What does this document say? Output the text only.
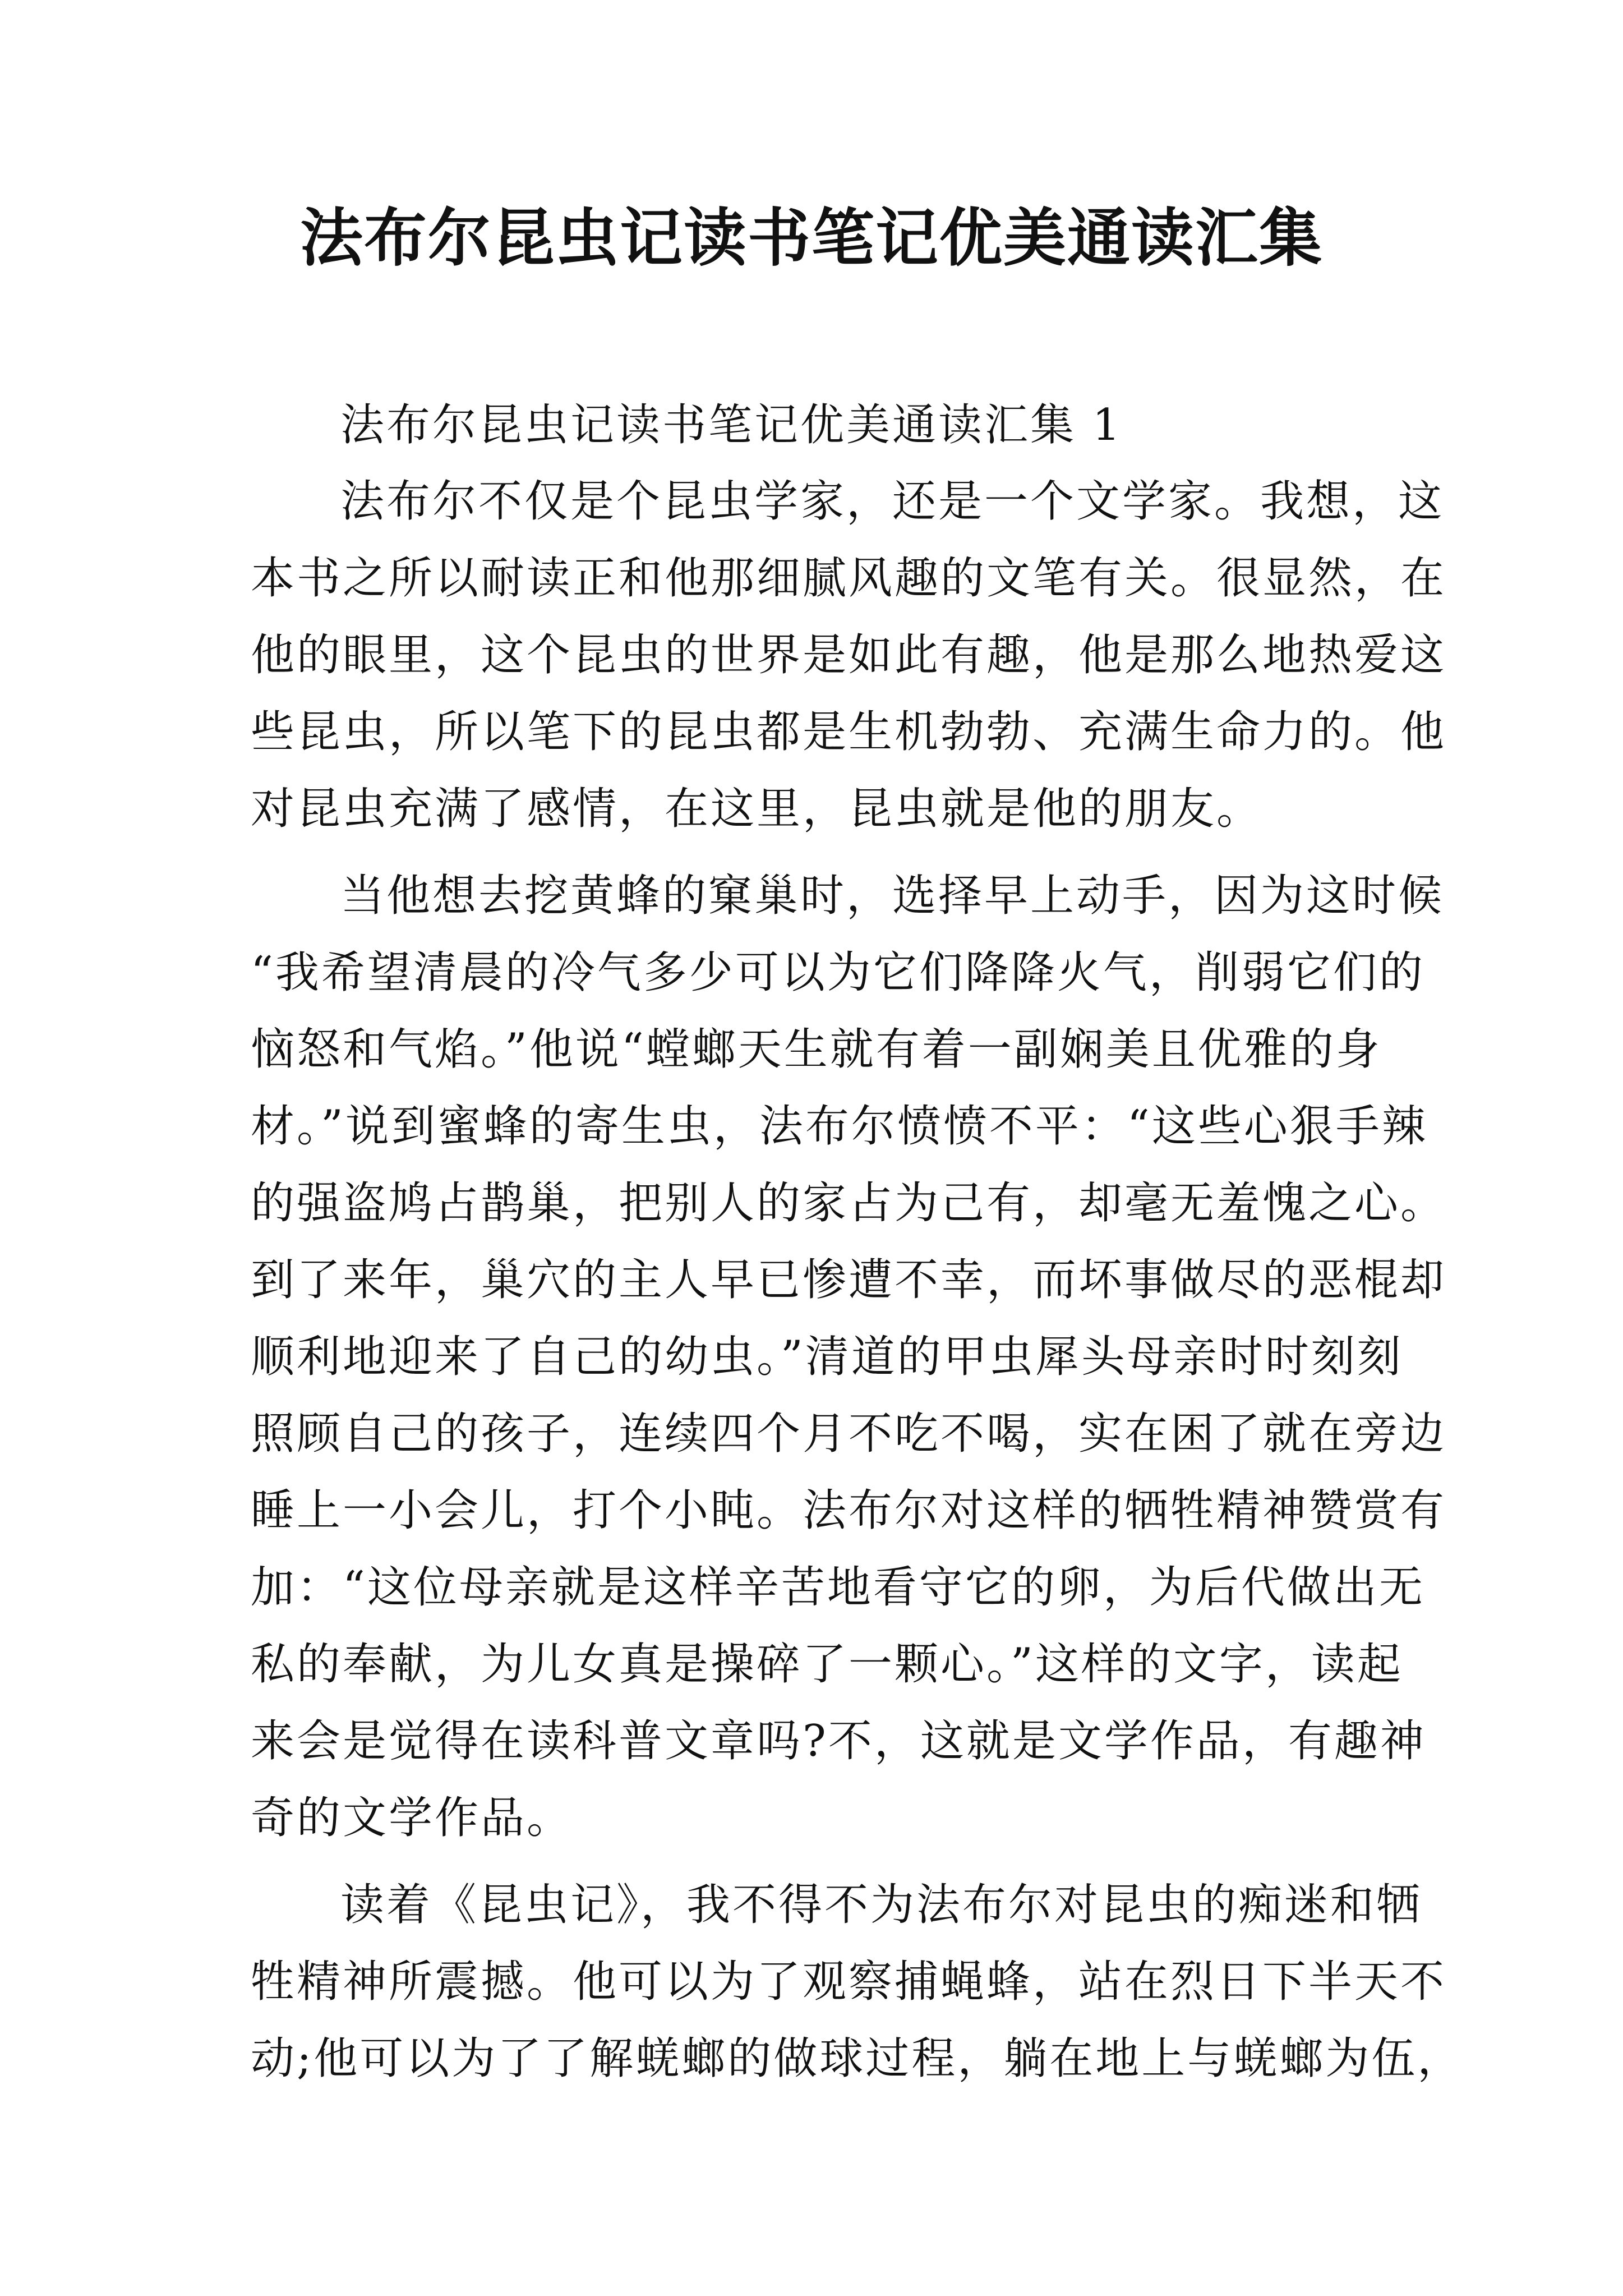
法布尔昆虫记读书笔记优美通读汇集

法布尔昆虫记读书笔记优美通读汇集 1

法布尔不仅是个昆虫学家，还是一个文学家。我想，这
本书之所以耐读正和他那细腻风趣的文笔有关。很显然，在
他的眼里，这个昆虫的世界是如此有趣，他是那么地热爱这
些昆虫，所以笔下的昆虫都是生机勃勃、充满生命力的。他
对昆虫充满了感情，在这里，昆虫就是他的朋友。

当他想去挖黄蜂的窠巢时，选择早上动手，因为这时候
“我希望清晨的冷气多少可以为它们降降火气，削弱它们的
恼怒和气焰。”他说“螳螂天生就有着一副娴美且优雅的身
材。”说到蜜蜂的寄生虫，法布尔愤愤不平：“这些心狠手辣
的强盗鸠占鹊巢，把别人的家占为己有，却毫无羞愧之心。
到了来年，巢穴的主人早已惨遭不幸，而坏事做尽的恶棍却
顺利地迎来了自己的幼虫。”清道的甲虫犀头母亲时时刻刻
照顾自己的孩子，连续四个月不吃不喝，实在困了就在旁边
睡上一小会儿，打个小盹。法布尔对这样的牺牲精神赞赏有
加：“这位母亲就是这样辛苦地看守它的卵，为后代做出无
私的奉献，为儿女真是操碎了一颗心。”这样的文字，读起
来会是觉得在读科普文章吗?不，这就是文学作品，有趣神
奇的文学作品。

读着《昆虫记》，我不得不为法布尔对昆虫的痴迷和牺
牲精神所震撼。他可以为了观察捕蝇蜂，站在烈日下半天不
动;他可以为了了解蜣螂的做球过程，躺在地上与蜣螂为伍，
